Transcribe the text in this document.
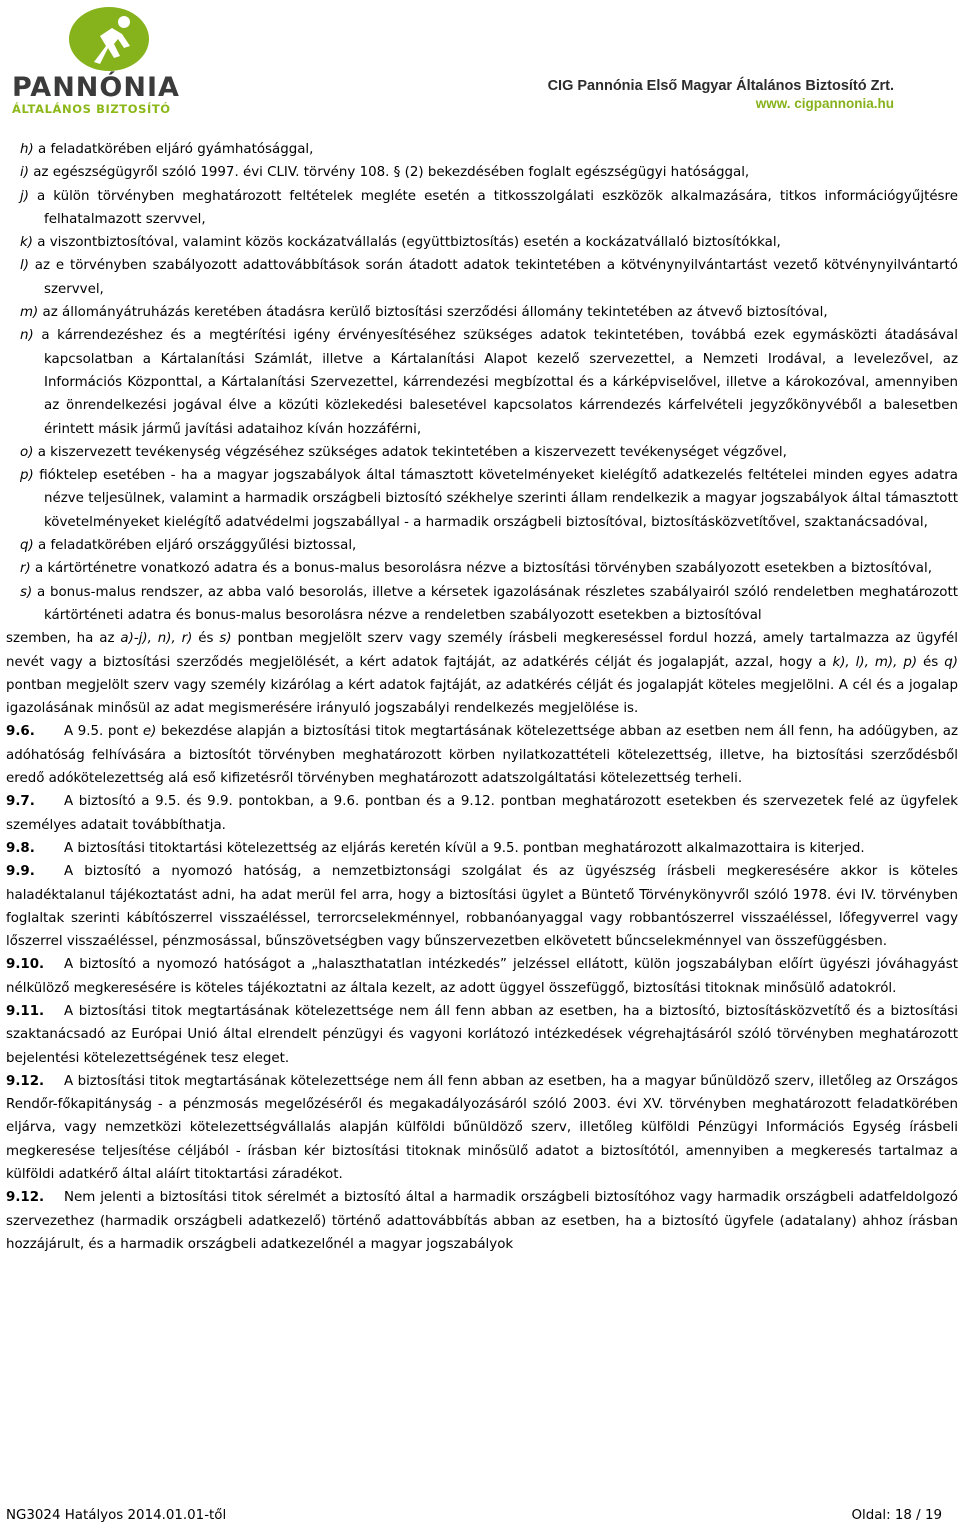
PANNÓNIA
ÁLTALÁNOS BIZTOSÍTÓ
CIG Pannónia Első Magyar Általános Biztosító Zrt.
www. cigpannonia.hu

h) a feladatkörében eljáró gyámhatósággal,

i) az egészségügyről szóló 1997. évi CLIV. törvény 108. § (2) bekezdésében foglalt egészségügyi hatósággal,

j) a külön törvényben meghatározott feltételek megléte esetén a titkosszolgálati eszközök alkalmazására, titkos információgyűjtésre felhatalmazott szervvel,

k) a viszontbiztosítóval, valamint közös kockázatvállalás (együttbiztosítás) esetén a kockázatvállaló biztosítókkal,

l) az e törvényben szabályozott adattovábbítások során átadott adatok tekintetében a kötvénynyilvántartást vezető kötvénynyilvántartó szervvel,

m) az állományátruházás keretében átadásra kerülő biztosítási szerződési állomány tekintetében az átvevő biztosítóval,

n) a kárrendezéshez és a megtérítési igény érvényesítéséhez szükséges adatok tekintetében, továbbá ezek egymásközti átadásával kapcsolatban a Kártalanítási Számlát, illetve a Kártalanítási Alapot kezelő szervezettel, a Nemzeti Irodával, a levelezővel, az Információs Központtal, a Kártalanítási Szervezettel, kárrendezési megbízottal és a kárképviselővel, illetve a károkozóval, amennyiben az önrendelkezési jogával élve a közúti közlekedési balesetével kapcsolatos kárrendezés kárfelvételi jegyzőkönyvéből a balesetben érintett másik jármű javítási adataihoz kíván hozzáférni,

o) a kiszervezett tevékenység végzéséhez szükséges adatok tekintetében a kiszervezett tevékenységet végzővel,

p) fióktelep esetében - ha a magyar jogszabályok által támasztott követelményeket kielégítő adatkezelés feltételei minden egyes adatra nézve teljesülnek, valamint a harmadik országbeli biztosító székhelye szerinti állam rendelkezik a magyar jogszabályok által támasztott követelményeket kielégítő adatvédelmi jogszabállyal - a harmadik országbeli biztosítóval, biztosításközvetítővel, szaktanácsadóval,

q) a feladatkörében eljáró országgyűlési biztossal,

r) a kártörténetre vonatkozó adatra és a bonus-malus besorolásra nézve a biztosítási törvényben szabályozott esetekben a biztosítóval,

s) a bonus-malus rendszer, az abba való besorolás, illetve a kérsetek igazolásának részletes szabályairól szóló rendeletben meghatározott kártörténeti adatra és bonus-malus besorolásra nézve a rendeletben szabályozott esetekben a biztosítóval

szemben, ha az a)-j), n), r) és s) pontban megjelölt szerv vagy személy írásbeli megkereséssel fordul hozzá, amely tartalmazza az ügyfél nevét vagy a biztosítási szerződés megjelölését, a kért adatok fajtáját, az adatkérés célját és jogalapját, azzal, hogy a k), l), m), p) és q) pontban megjelölt szerv vagy személy kizárólag a kért adatok fajtáját, az adatkérés célját és jogalapját köteles megjelölni. A cél és a jogalap igazolásának minősül az adat megismerésére irányuló jogszabályi rendelkezés megjelölése is.

9.6. A 9.5. pont e) bekezdése alapján a biztosítási titok megtartásának kötelezettsége abban az esetben nem áll fenn, ha adóügyben, az adóhatóság felhívására a biztosítót törvényben meghatározott körben nyilatkozattételi kötelezettség, illetve, ha biztosítási szerződésből eredő adókötelezettség alá eső kifizetésről törvényben meghatározott adatszolgáltatási kötelezettség terheli.

9.7. A biztosító a 9.5. és 9.9. pontokban, a 9.6. pontban és a 9.12. pontban meghatározott esetekben és szervezetek felé az ügyfelek személyes adatait továbbíthatja.

9.8. A biztosítási titoktartási kötelezettség az eljárás keretén kívül a 9.5. pontban meghatározott alkalmazottaira is kiterjed.

9.9. A biztosító a nyomozó hatóság, a nemzetbiztonsági szolgálat és az ügyészség írásbeli megkeresésére akkor is köteles haladéktalanul tájékoztatást adni, ha adat merül fel arra, hogy a biztosítási ügylet a Büntető Törvénykönyvről szóló 1978. évi IV. törvényben foglaltak szerinti kábítószerrel visszaéléssel, terrorcselekménnyel, robbanóanyaggal vagy robbantószerrel visszaéléssel, lőfegyverrel vagy lőszerrel visszaéléssel, pénzmosással, bűnszövetségben vagy bűnszervezetben elkövetett bűncselekménnyel van összefüggésben.

9.10. A biztosító a nyomozó hatóságot a „halaszthatatlan intézkedés” jelzéssel ellátott, külön jogszabályban előírt ügyészi jóváhagyást nélkülöző megkeresésére is köteles tájékoztatni az általa kezelt, az adott üggyel összefüggő, biztosítási titoknak minősülő adatokról.

9.11. A biztosítási titok megtartásának kötelezettsége nem áll fenn abban az esetben, ha a biztosító, biztosításközvetítő és a biztosítási szaktanácsadó az Európai Unió által elrendelt pénzügyi és vagyoni korlátozó intézkedések végrehajtásáról szóló törvényben meghatározott bejelentési kötelezettségének tesz eleget.

9.12. A biztosítási titok megtartásának kötelezettsége nem áll fenn abban az esetben, ha a magyar bűnüldöző szerv, illetőleg az Országos Rendőr-főkapitányság - a pénzmosás megelőzéséről és megakadályozásáról szóló 2003. évi XV. törvényben meghatározott feladatkörében eljárva, vagy nemzetközi kötelezettségvállalás alapján külföldi bűnüldöző szerv, illetőleg külföldi Pénzügyi Információs Egység írásbeli megkeresése teljesítése céljából - írásban kér biztosítási titoknak minősülő adatot a biztosítótól, amennyiben a megkeresés tartalmaz a külföldi adatkérő által aláírt titoktartási záradékot.

9.12. Nem jelenti a biztosítási titok sérelmét a biztosító által a harmadik országbeli biztosítóhoz vagy harmadik országbeli adatfeldolgozó szervezethez (harmadik országbeli adatkezelő) történő adattovábbítás abban az esetben, ha a biztosító ügyfele (adatalany) ahhoz írásban hozzájárult, és a harmadik országbeli adatkezelőnél a magyar jogszabályok

NG3024 Hatályos 2014.01.01-től	Oldal: 18 / 19
